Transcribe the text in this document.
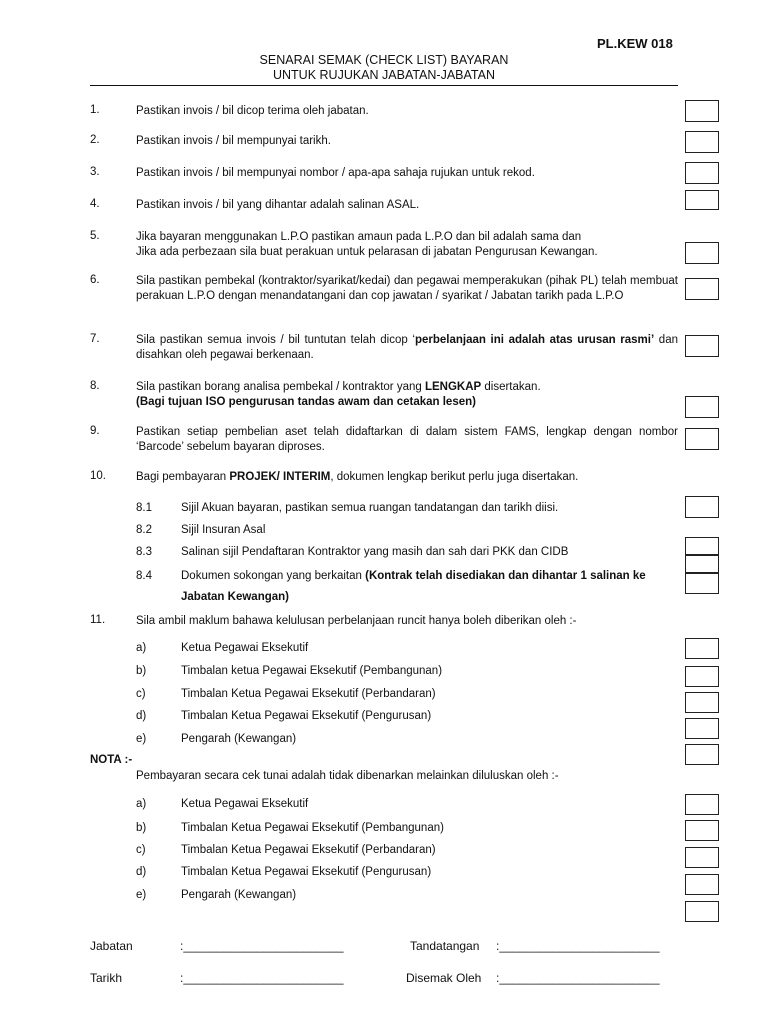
PL.KEW 018
SENARAI SEMAK (CHECK LIST) BAYARAN
UNTUK RUJUKAN JABATAN-JABATAN
1.	Pastikan invois / bil dicop terima oleh jabatan.
2.	Pastikan invois / bil mempunyai tarikh.
3.	Pastikan invois / bil mempunyai nombor / apa-apa sahaja rujukan untuk rekod.
4.	Pastikan invois / bil yang dihantar adalah salinan ASAL.
5.	Jika bayaran menggunakan L.P.O pastikan amaun pada L.P.O dan bil adalah sama dan
Jika ada perbezaan sila buat perakuan untuk pelarasan di jabatan Pengurusan Kewangan.
6.	Sila pastikan pembekal (kontraktor/syarikat/kedai) dan pegawai memperakukan (pihak PL) telah membuat perakuan L.P.O dengan menandatangani dan cop jawatan / syarikat / Jabatan tarikh pada L.P.O
7.	Sila pastikan semua invois / bil tuntutan telah dicop ‘perbelanjaan ini adalah atas urusan rasmi’ dan disahkan oleh pegawai berkenaan.
8.	Sila pastikan borang analisa pembekal / kontraktor yang LENGKAP disertakan.
(Bagi tujuan ISO pengurusan tandas awam dan cetakan lesen)
9.	Pastikan setiap pembelian aset telah didaftarkan di dalam sistem FAMS, lengkap dengan nombor ‘Barcode’ sebelum bayaran diproses.
10.	Bagi pembayaran PROJEK/ INTERIM, dokumen lengkap berikut perlu juga disertakan.
8.1	Sijil Akuan bayaran, pastikan semua ruangan tandatangan dan tarikh diisi.
8.2	Sijil Insuran Asal
8.3	Salinan sijil Pendaftaran Kontraktor yang masih dan sah dari PKK dan CIDB
8.4	Dokumen sokongan yang berkaitan (Kontrak telah disediakan dan dihantar 1 salinan ke Jabatan Kewangan)
11.	Sila ambil maklum bahawa kelulusan perbelanjaan runcit hanya boleh diberikan oleh :-
a)	Ketua Pegawai Eksekutif
b)	Timbalan ketua Pegawai Eksekutif (Pembangunan)
c)	Timbalan Ketua Pegawai Eksekutif (Perbandaran)
d)	Timbalan Ketua Pegawai Eksekutif (Pengurusan)
e)	Pengarah (Kewangan)
NOTA :-
Pembayaran secara cek tunai adalah tidak dibenarkan melainkan diluluskan oleh :-
a)	Ketua Pegawai Eksekutif
b)	Timbalan Ketua Pegawai Eksekutif (Pembangunan)
c)	Timbalan Ketua Pegawai Eksekutif (Perbandaran)
d)	Timbalan Ketua Pegawai Eksekutif (Pengurusan)
e)	Pengarah (Kewangan)
Jabatan	:________________________	Tandatangan :________________________
Tarikh	:________________________	Disemak Oleh :________________________
